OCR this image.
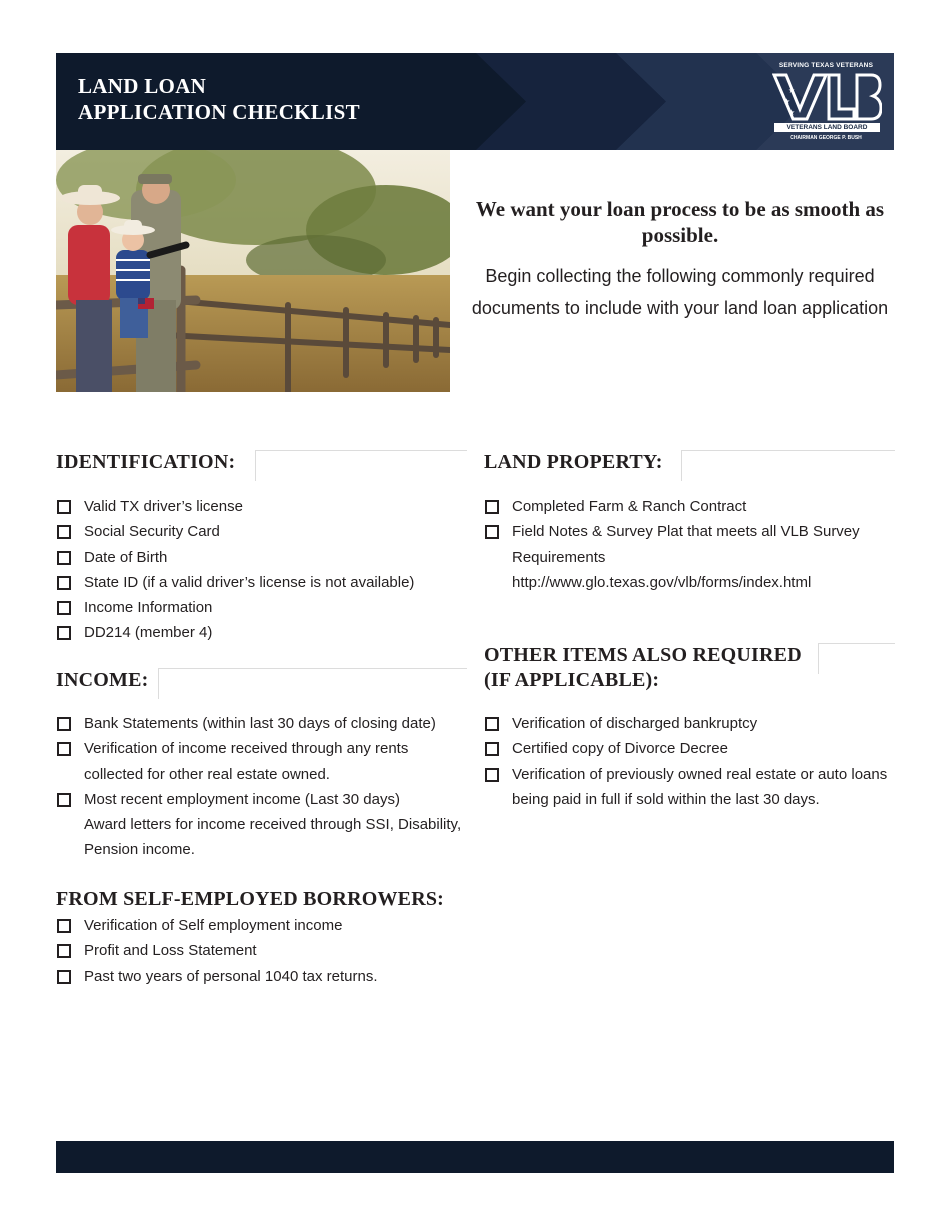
LAND LOAN
APPLICATION CHECKLIST
SERVING TEXAS VETERANS
★
★
★
VETERANS LAND BOARD
CHAIRMAN GEORGE P. BUSH

We want your loan process to be as smooth as possible.

Begin collecting the following commonly required documents to include with your land loan application
IDENTIFICATION:
Valid TX driver’s license
Social Security Card
Date of Birth
State ID (if a valid driver’s license is not available)
Income Information
DD214 (member 4)
INCOME:
Bank Statements (within last 30 days of closing date)
Verification of income received through any rents collected for other real estate owned.
Most recent employment income (Last 30 days)
Award letters for income received through SSI, Disability, Pension income.
FROM SELF-EMPLOYED BORROWERS:
Verification of Self employment income
Profit and Loss Statement
Past two years of personal 1040 tax returns.
LAND PROPERTY:
Completed Farm & Ranch Contract
Field Notes & Survey Plat that meets all VLB Survey Requirements
http://www.glo.texas.gov/vlb/forms/index.html
OTHER ITEMS ALSO REQUIRED
(IF APPLICABLE):
Verification of discharged bankruptcy
Certified copy of Divorce Decree
Verification of previously owned real estate or auto loans being paid in full if sold within the last 30 days.
